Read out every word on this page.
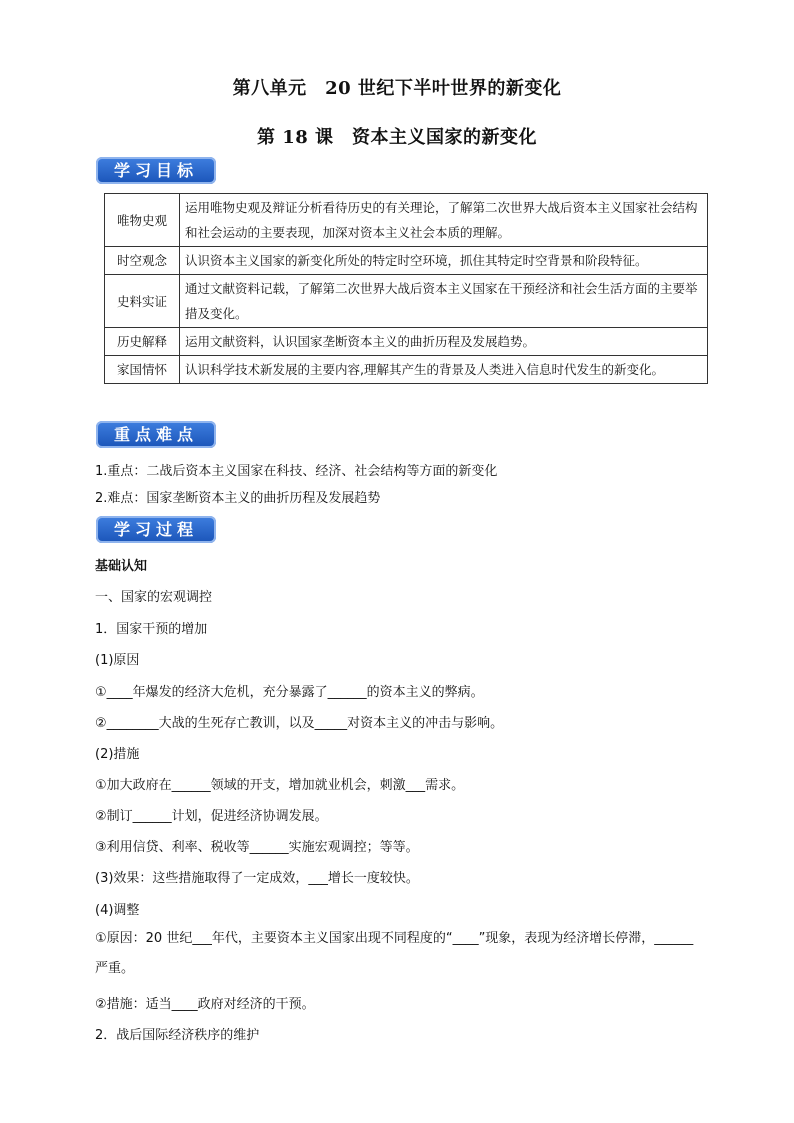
第八单元　20 世纪下半叶世界的新变化
第 18 课　资本主义国家的新变化
学习目标
唯物史观	运用唯物史观及辩证分析看待历史的有关理论，了解第二次世界大战后资本主义国家社会结构和社会运动的主要表现，加深对资本主义社会本质的理解。
时空观念	认识资本主义国家的新变化所处的特定时空环境，抓住其特定时空背景和阶段特征。
史料实证	通过文献资料记载，了解第二次世界大战后资本主义国家在干预经济和社会生活方面的主要举措及变化。
历史解释	运用文献资料，认识国家垄断资本主义的曲折历程及发展趋势。
家国情怀	认识科学技术新发展的主要内容,理解其产生的背景及人类进入信息时代发生的新变化。
重点难点
1.重点：二战后资本主义国家在科技、经济、社会结构等方面的新变化
2.难点：国家垄断资本主义的曲折历程及发展趋势
学习过程
基础认知
一、国家的宏观调控
1．国家干预的增加
(1)原因
①____年爆发的经济大危机，充分暴露了______的资本主义的弊病。
②________大战的生死存亡教训，以及_____对资本主义的冲击与影响。
(2)措施
①加大政府在______领域的开支，增加就业机会，刺激___需求。
②制订______计划，促进经济协调发展。
③利用信贷、利率、税收等______实施宏观调控；等等。
(3)效果：这些措施取得了一定成效，___增长一度较快。
(4)调整
①原因：20 世纪___年代，主要资本主义国家出现不同程度的“____”现象，表现为经济增长停滞，______严重。
②措施：适当____政府对经济的干预。
2．战后国际经济秩序的维护
